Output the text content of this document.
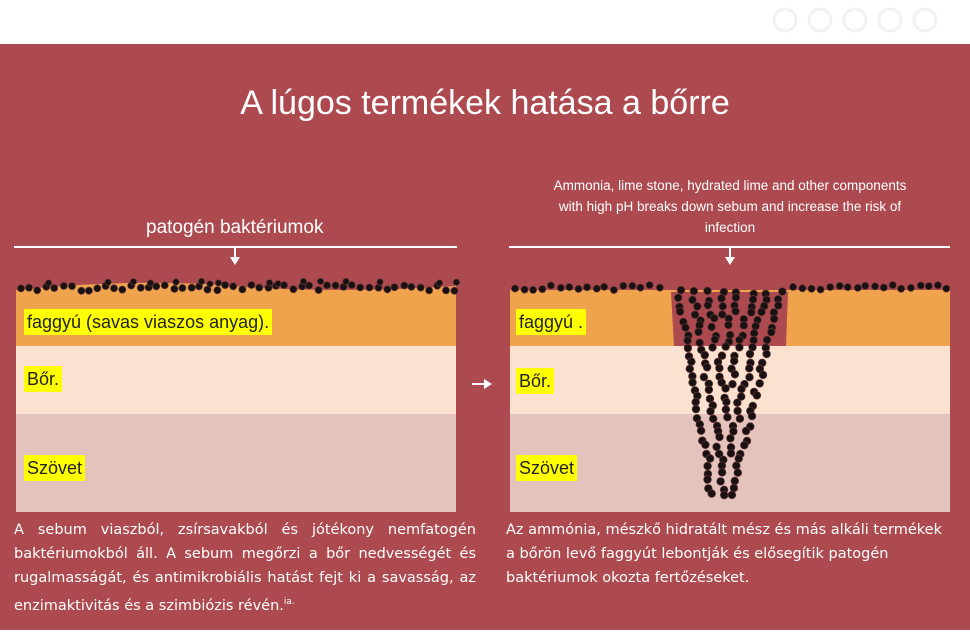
A lúgos termékek hatása a bőrre
patogén baktériumok
Ammonia, lime stone, hydrated lime and other components with high pH breaks down sebum and increase the risk of infection
faggyú (savas viaszos anyag).
Bőr.
Szövet
faggyú .
Bőr.
Szövet
A sebum viaszból, zsírsavakból és jótékony nemfatogén baktériumokból áll. A sebum megőrzi a bőr nedvességét és rugalmasságát, és antimikrobiális hatást fejt ki a savasság, az enzimaktivitás és a szimbiózis révén.$^{ia.}$
Az ammónia, mészkő hidratált mész és más alkáli termékek a bőrön levő faggyút lebontják és elősegítik patogén baktériumok okozta fertőzéseket.
